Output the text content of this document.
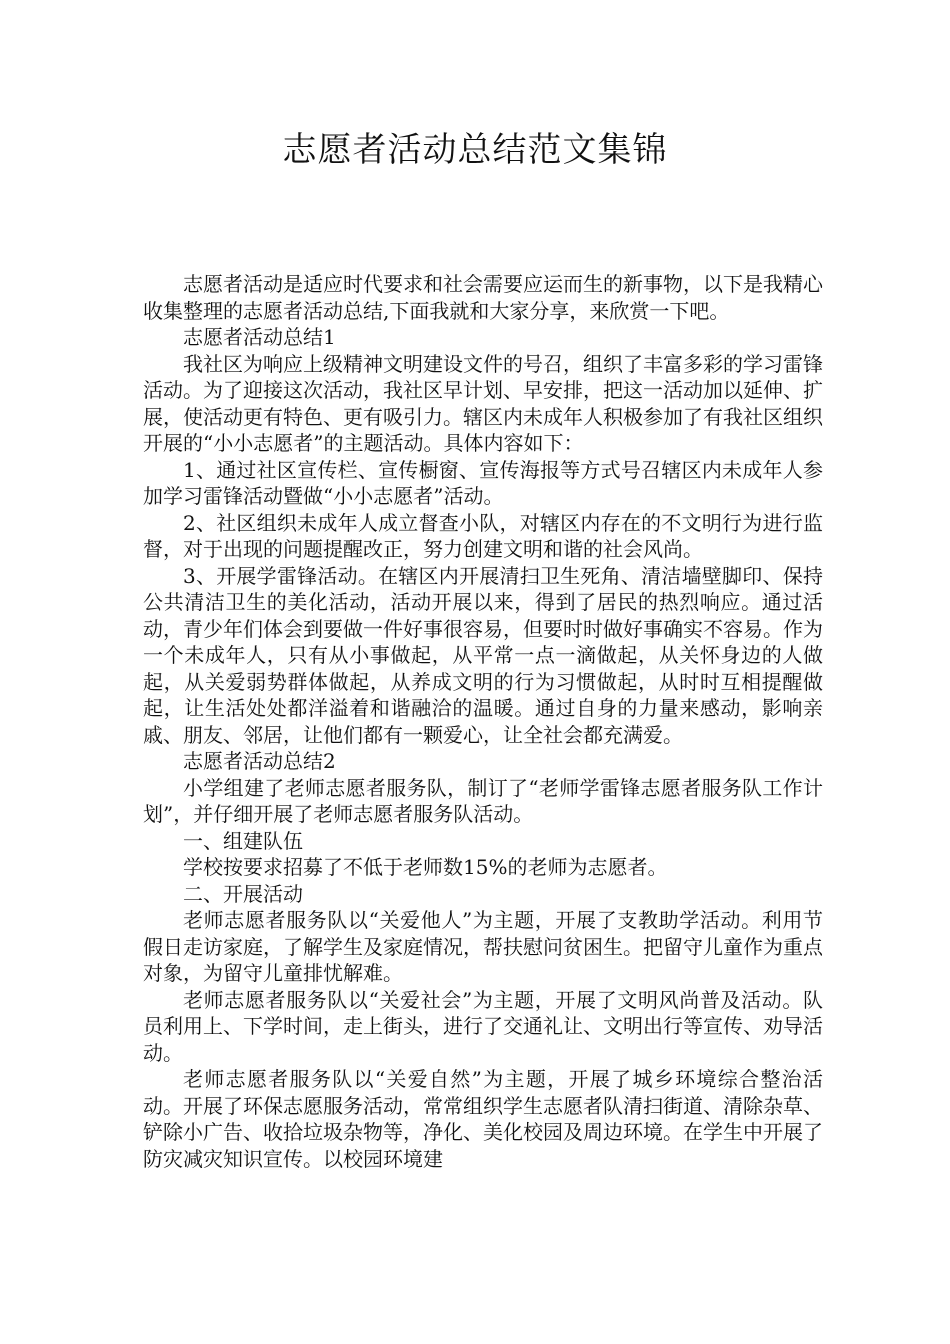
志愿者活动总结范文集锦

志愿者活动是适应时代要求和社会需要应运而生的新事物，以下是我精心收集整理的志愿者活动总结,下面我就和大家分享，来欣赏一下吧。

志愿者活动总结1

我社区为响应上级精神文明建设文件的号召，组织了丰富多彩的学习雷锋活动。为了迎接这次活动，我社区早计划、早安排，把这一活动加以延伸、扩展，使活动更有特色、更有吸引力。辖区内未成年人积极参加了有我社区组织开展的“小小志愿者”的主题活动。具体内容如下：

1、通过社区宣传栏、宣传橱窗、宣传海报等方式号召辖区内未成年人参加学习雷锋活动暨做“小小志愿者”活动。

2、社区组织未成年人成立督查小队，对辖区内存在的不文明行为进行监督，对于出现的问题提醒改正，努力创建文明和谐的社会风尚。

3、开展学雷锋活动。在辖区内开展清扫卫生死角、清洁墙壁脚印、保持公共清洁卫生的美化活动，活动开展以来，得到了居民的热烈响应。通过活动，青少年们体会到要做一件好事很容易，但要时时做好事确实不容易。作为一个未成年人，只有从小事做起，从平常一点一滴做起，从关怀身边的人做起，从关爱弱势群体做起，从养成文明的行为习惯做起，从时时互相提醒做起，让生活处处都洋溢着和谐融洽的温暖。通过自身的力量来感动，影响亲戚、朋友、邻居，让他们都有一颗爱心，让全社会都充满爱。

志愿者活动总结2

小学组建了老师志愿者服务队，制订了“老师学雷锋志愿者服务队工作计划”，并仔细开展了老师志愿者服务队活动。

一、组建队伍

学校按要求招募了不低于老师数15%的老师为志愿者。

二、开展活动

老师志愿者服务队以“关爱他人”为主题，开展了支教助学活动。利用节假日走访家庭，了解学生及家庭情况，帮扶慰问贫困生。把留守儿童作为重点对象，为留守儿童排忧解难。

老师志愿者服务队以“关爱社会”为主题，开展了文明风尚普及活动。队员利用上、下学时间，走上街头，进行了交通礼让、文明出行等宣传、劝导活动。

老师志愿者服务队以“关爱自然”为主题，开展了城乡环境综合整治活动。开展了环保志愿服务活动，常常组织学生志愿者队清扫街道、清除杂草、铲除小广告、收拾垃圾杂物等，净化、美化校园及周边环境。在学生中开展了防灾减灾知识宣传。以校园环境建
